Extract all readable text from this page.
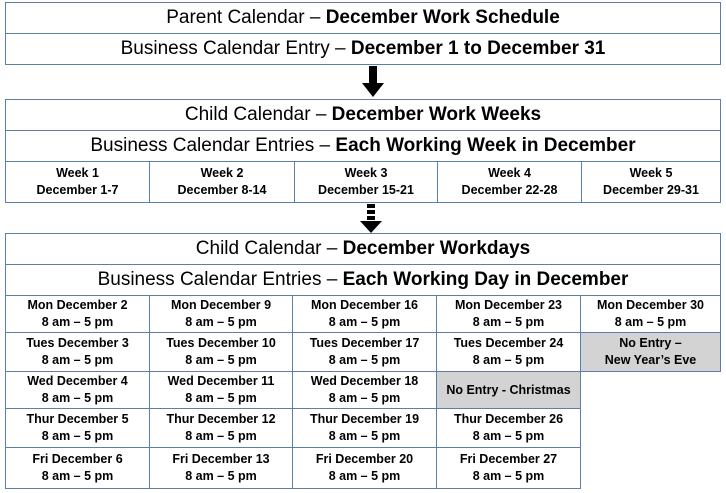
Parent Calendar – December Work Schedule
Business Calendar Entry – December 1 to December 31
Child Calendar – December Work Weeks
Business Calendar Entries – Each Working Week in December
Week 1
December 1-7
Week 2
December 8-14
Week 3
December 15-21
Week 4
December 22-28
Week 5
December 29-31
Child Calendar – December Workdays
Business Calendar Entries – Each Working Day in December
Mon December 2
8 am – 5 pm
Tues December 3
8 am – 5 pm
Wed December 4
8 am – 5 pm
Thur December 5
8 am – 5 pm
Fri December 6
8 am – 5 pm
Mon December 9
8 am – 5 pm
Tues December 10
8 am – 5 pm
Wed December 11
8 am – 5 pm
Thur December 12
8 am – 5 pm
Fri December 13
8 am – 5 pm
Mon December 16
8 am – 5 pm
Tues December 17
8 am – 5 pm
Wed December 18
8 am – 5 pm
Thur December 19
8 am – 5 pm
Fri December 20
8 am – 5 pm
Mon December 23
8 am – 5 pm
Tues December 24
8 am – 5 pm
No Entry - Christmas
Thur December 26
8 am – 5 pm
Fri December 27
8 am – 5 pm
Mon December 30
8 am – 5 pm
No Entry –
New Year’s Eve
